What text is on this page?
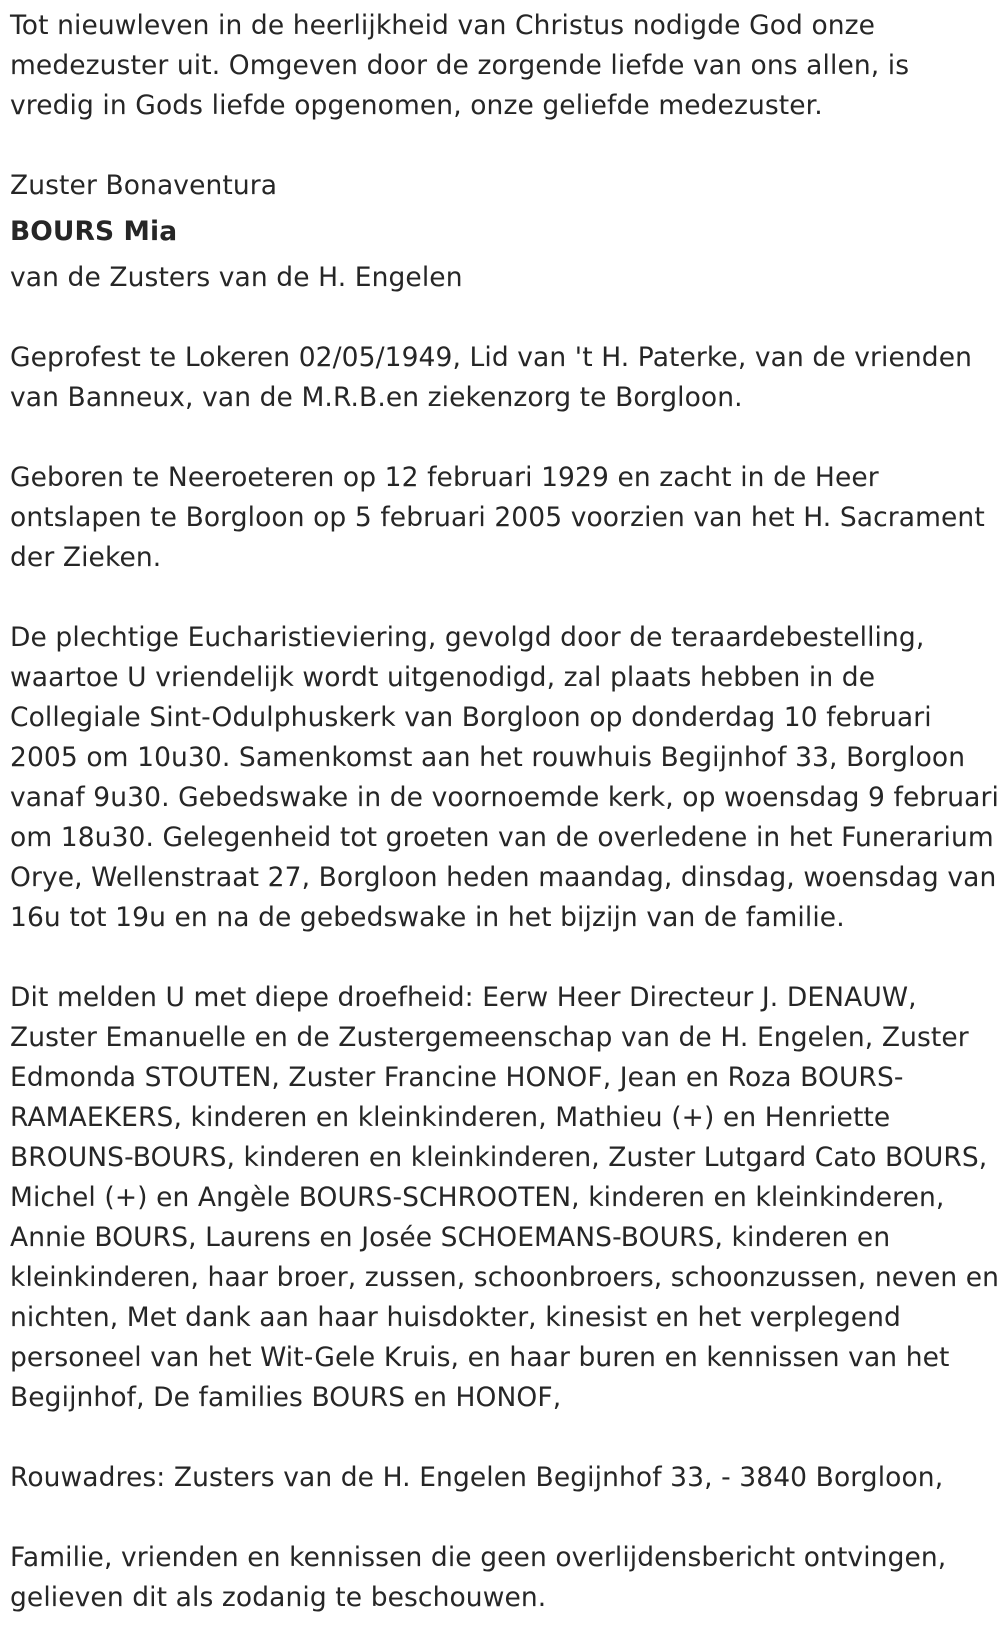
Tot nieuwleven in de heerlijkheid van Christus nodigde God onze

medezuster uit. Omgeven door de zorgende liefde van ons allen, is

vredig in Gods liefde opgenomen, onze geliefde medezuster.

Zuster Bonaventura

BOURS Mia

van de Zusters van de H. Engelen

Geprofest te Lokeren 02/05/1949, Lid van 't H. Paterke, van de vrienden

van Banneux, van de M.R.B.en ziekenzorg te Borgloon.

Geboren te Neeroeteren op 12 februari 1929 en zacht in de Heer

ontslapen te Borgloon op 5 februari 2005 voorzien van het H. Sacrament

der Zieken.

De plechtige Eucharistieviering, gevolgd door de teraardebestelling,

waartoe U vriendelijk wordt uitgenodigd, zal plaats hebben in de

Collegiale Sint-Odulphuskerk van Borgloon op donderdag 10 februari

2005 om 10u30. Samenkomst aan het rouwhuis Begijnhof 33, Borgloon

vanaf 9u30. Gebedswake in de voornoemde kerk, op woensdag 9 februari

om 18u30. Gelegenheid tot groeten van de overledene in het Funerarium

Orye, Wellenstraat 27, Borgloon heden maandag, dinsdag, woensdag van

16u tot 19u en na de gebedswake in het bijzijn van de familie.

Dit melden U met diepe droefheid: Eerw Heer Directeur J. DENAUW,

Zuster Emanuelle en de Zustergemeenschap van de H. Engelen, Zuster

Edmonda STOUTEN, Zuster Francine HONOF, Jean en Roza BOURS-

RAMAEKERS, kinderen en kleinkinderen, Mathieu (+) en Henriette

BROUNS-BOURS, kinderen en kleinkinderen, Zuster Lutgard Cato BOURS,

Michel (+) en Angèle BOURS-SCHROOTEN, kinderen en kleinkinderen,

Annie BOURS, Laurens en Josée SCHOEMANS-BOURS, kinderen en

kleinkinderen, haar broer, zussen, schoonbroers, schoonzussen, neven en

nichten, Met dank aan haar huisdokter, kinesist en het verplegend

personeel van het Wit-Gele Kruis, en haar buren en kennissen van het

Begijnhof, De families BOURS en HONOF,

Rouwadres: Zusters van de H. Engelen Begijnhof 33, - 3840 Borgloon,

Familie, vrienden en kennissen die geen overlijdensbericht ontvingen,

gelieven dit als zodanig te beschouwen.
